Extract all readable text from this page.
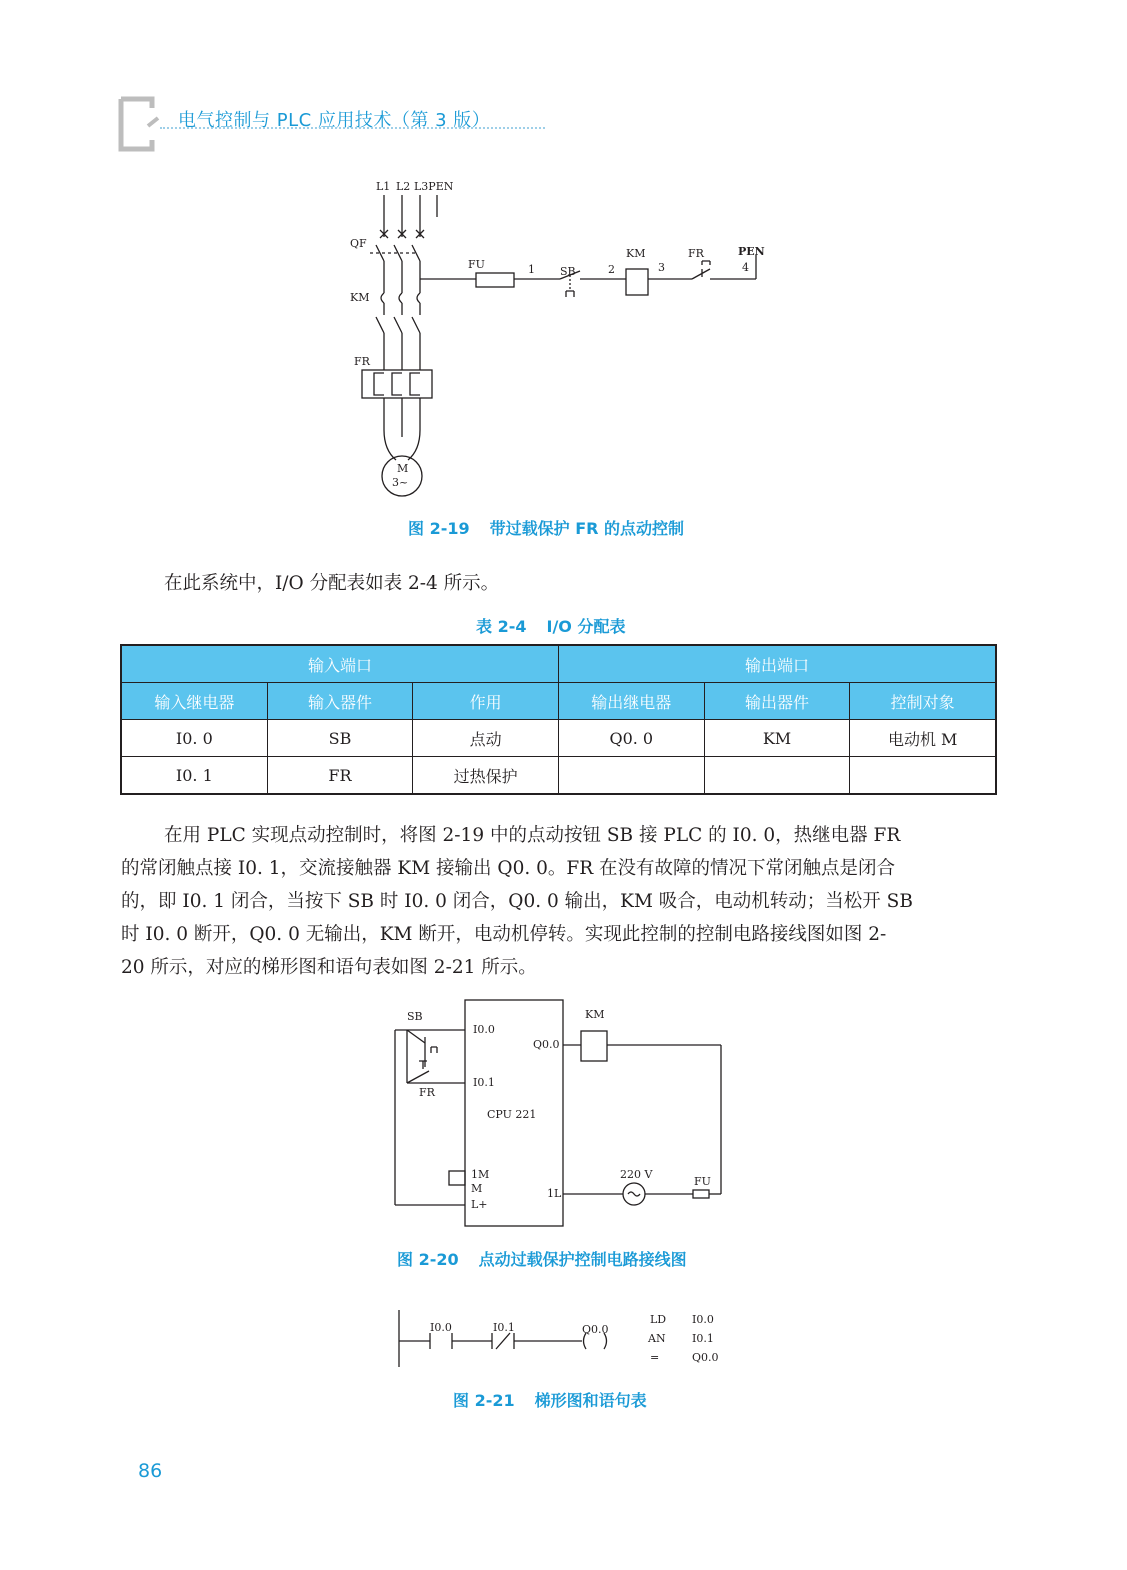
电气控制与 PLC 应用技术（第 3 版）
L1 L2 L3PEN
QF
KM
FR
FU	1 SB	2
KM
3
FR	PEN
4
M
3~
图 2-19 带过载保护 FR 的点动控制
在此系统中，I/O 分配表如表 2-4 所示。
表 2-4 I/O 分配表
输入端口			输出端口		
输入继电器	输入器件	作用	输出继电器	输出器件	控制对象
I0. 0	SB	点动	Q0. 0	KM	电动机 M
I0. 1	FR	过热保护			
在用 PLC 实现点动控制时，将图 2-19 中的点动按钮 SB 接 PLC 的 I0. 0，热继电器 FR
的常闭触点接 I0. 1，交流接触器 KM 接输出 Q0. 0。FR 在没有故障的情况下常闭触点是闭合
的，即 I0. 1 闭合，当按下 SB 时 I0. 0 闭合，Q0. 0 输出，KM 吸合，电动机转动；当松开 SB
时 I0. 0 断开，Q0. 0 无输出，KM 断开，电动机停转。实现此控制的控制电路接线图如图 2-
20 所示，对应的梯形图和语句表如图 2-21 所示。
SB
I0.0
I0.1
FR
CPU 221
Q0.0
KM
1M
M
L+
1L
220 V
FU
图 2-20 点动过载保护控制电路接线图
I0.0	I0.1	Q0.0
LD I0.0
AN I0.1
=	Q0.0
图 2-21 梯形图和语句表
86
